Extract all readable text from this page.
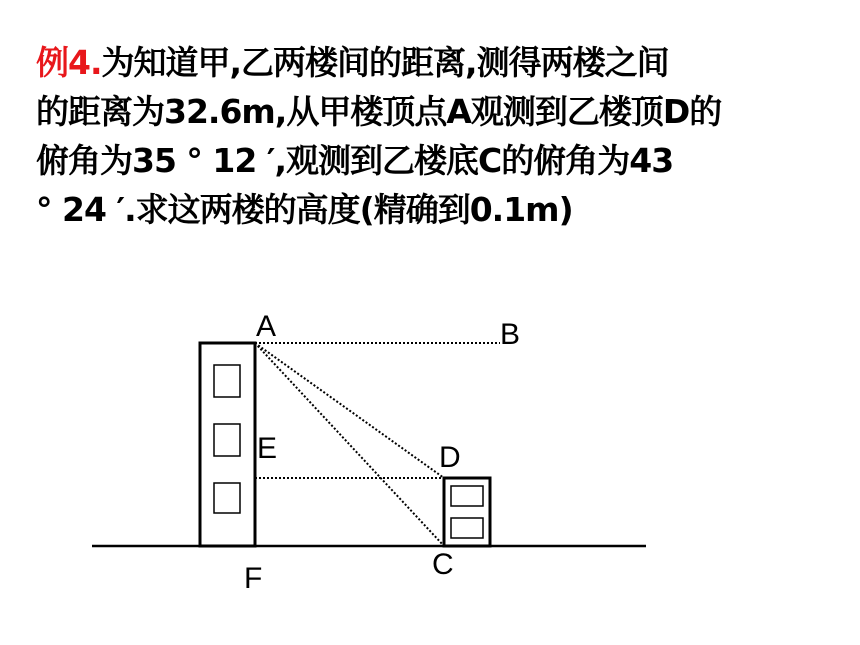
例4.为知道甲,乙两楼间的距离,测得两楼之间
的距离为32.6m,从甲楼顶点A观测到乙楼顶D的
俯角为35 ° 12 ′,观测到乙楼底C的俯角为43
° 24 ′.求这两楼的高度(精确到0.1m)
A	B
E	D
C
F
